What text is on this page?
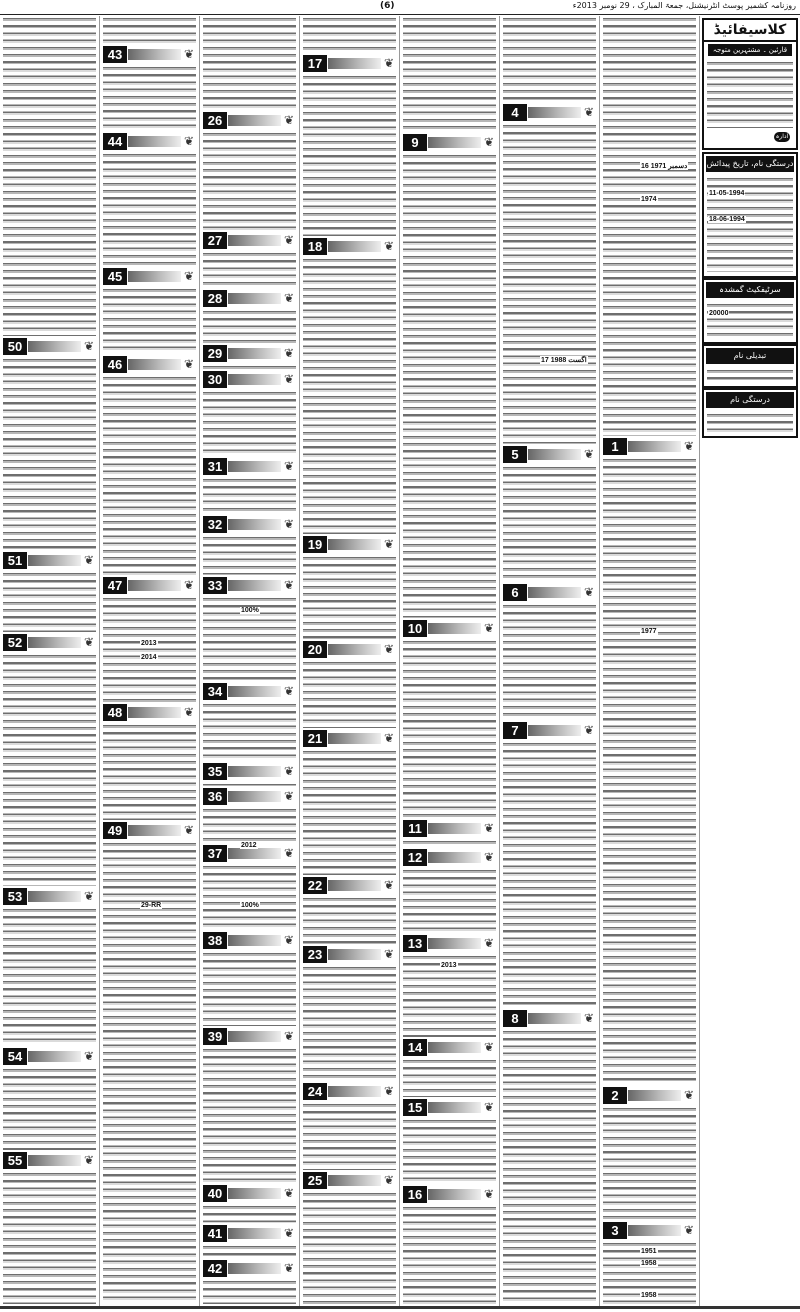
روزنامہ کشمیر پوسٹ انٹرنیشنل، جمعۃ المبارک ، 29 نومبر 2013ء
(6)
50	❦
51	❦
52	❦
53	❦
54	❦
55	❦
43	❦
44	❦
45	❦
46	❦
47	❦
48	❦
49	❦
26	❦
27	❦
28	❦
29	❦
30	❦
31	❦
32	❦
33	❦
34	❦
35	❦
36	❦
37	❦
38	❦
39	❦
40	❦
41	❦
42	❦
17	❦
18	❦
19	❦
20	❦
21	❦
22	❦
23	❦
24	❦
25	❦
9	❦
10	❦
11	❦
12	❦
13	❦
14	❦
15	❦
16	❦
4	❦
5	❦
6	❦
7	❦
8	❦
1	❦
2	❦
3	❦
کلاسیفائیڈ
قارئین ۔ مشتہرین متوجہ
ادارہ
درستگی نام، تاریخ پیدائش
11-05-1994
18-06-1994
سرٹیفکیٹ گمشدہ
20000
تبدیلی نام
درستگی نام
16 دسمبر 1971
1974
1977
1951
1958
1958
17 اگست 1988
2013
29-RR
2013
2014
100%
2012
100%
